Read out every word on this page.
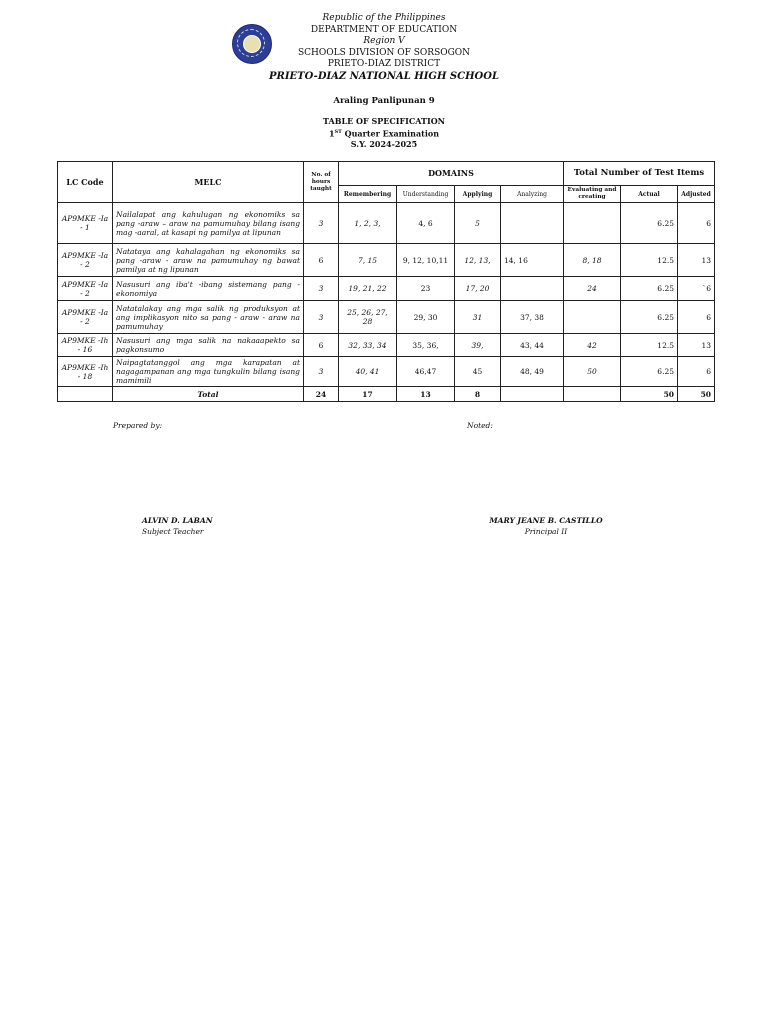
Republic of the Philippines
DEPARTMENT OF EDUCATION
Region V
SCHOOLS DIVISION OF SORSOGON
PRIETO-DIAZ DISTRICT
PRIETO-DIAZ NATIONAL HIGH SCHOOL
Araling Panlipunan 9
TABLE OF SPECIFICATION
1ST Quarter Examination
S.Y. 2024-2025
LC Code	MELC	No. of hours taught	DOMAINS				Total Number of Test Items		
			Remembering	Understanding	Applying	Analyzing	Evaluating and creating	Actual	Adjusted
AP9MKE -Ia - 1	Nailalapat ang kahulugan ng ekonomiks sa pang -araw – araw na pamumuhay bilang isang mag -aaral, at kasapi ng pamilya at lipunan	3	1, 2, 3,	4, 6	5			6.25	6
AP9MKE -Ia - 2	Natataya ang kahalagahan ng ekonomiks sa pang -araw - araw na pamumuhay ng bawat pamilya at ng lipunan	6	7, 15	9, 12, 10,11	12, 13,	14, 16	8, 18	12.5	13
AP9MKE -Ia - 2	Nasusuri ang iba't -ibang sistemang pang - ekonomiya	3	19, 21, 22	23	17, 20		24	6.25	`6
AP9MKE -Ia - 2	Natatalakay ang mga salik ng produksyon at ang implikasyon nito sa pang - araw - araw na pamumuhay	3	25, 26, 27, 28	29, 30	31	37, 38		6.25	6
AP9MKE -Ih - 16	Nasusuri ang mga salik na nakaaapekto sa pagkonsumo	6	32, 33, 34	35, 36,	39,	43, 44	42	12.5	13
AP9MKE -Ih - 18	Naipagtatanggol ang mga karapatan at nagagampanan ang mga tungkulin bilang isang mamimili	3	40, 41	46,47	45	48, 49	50	6.25	6
	Total	24	17	13	8			50	50
Prepared by:	Noted:
ALVIN D. LABAN
Subject Teacher
MARY JEANE B. CASTILLO
Principal II
